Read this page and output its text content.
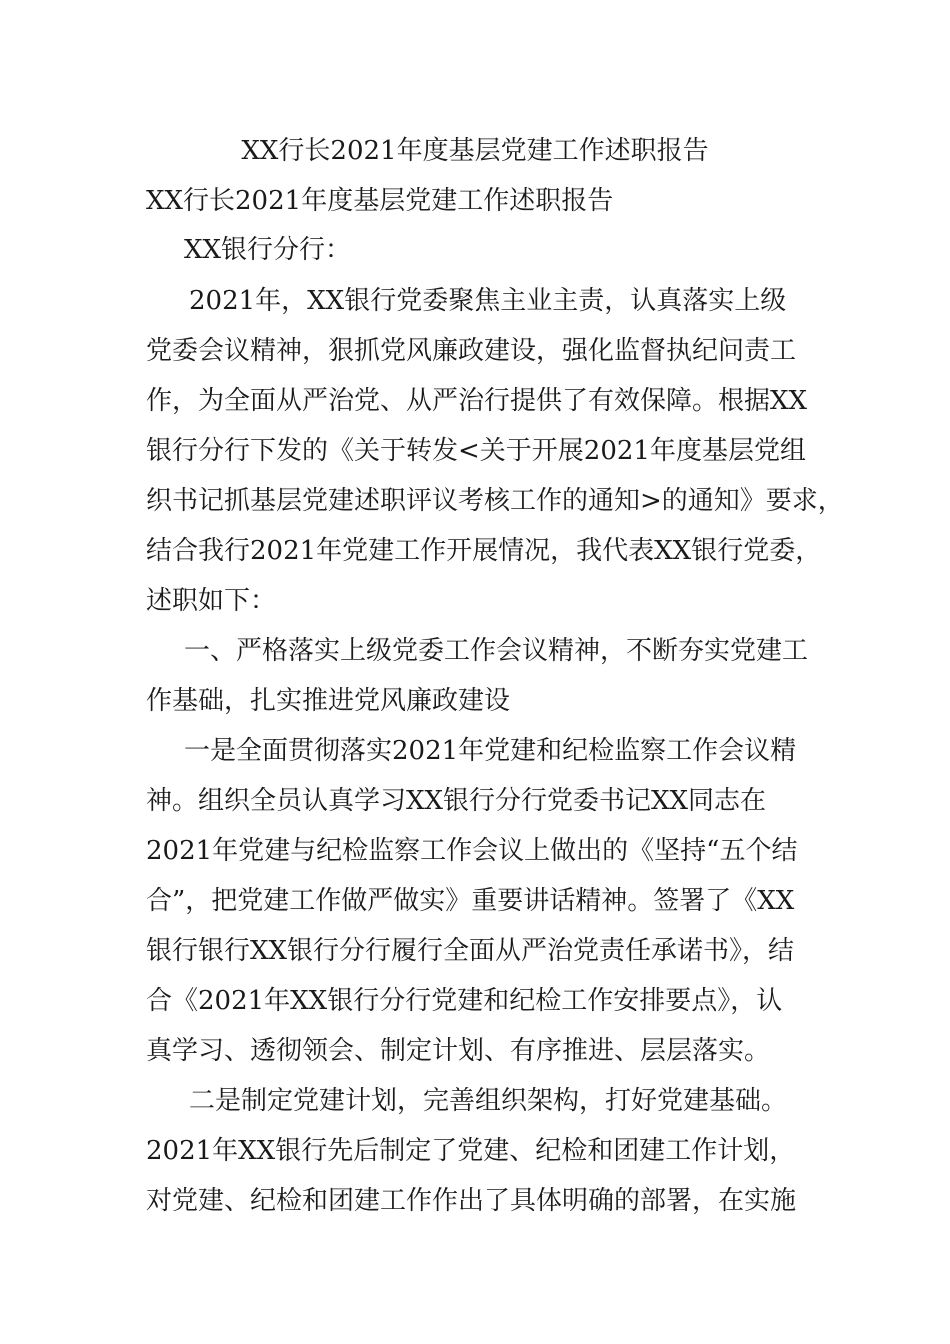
XX行长2021年度基层党建工作述职报告
XX行长2021年度基层党建工作述职报告
XX银行分行：
2021年，XX银行党委聚焦主业主责，认真落实上级
党委会议精神，狠抓党风廉政建设，强化监督执纪问责工
作，为全面从严治党、从严治行提供了有效保障。根据XX
银行分行下发的《关于转发<关于开展2021年度基层党组
织书记抓基层党建述职评议考核工作的通知>的通知》要求，
结合我行2021年党建工作开展情况，我代表XX银行党委，
述职如下：
一、严格落实上级党委工作会议精神，不断夯实党建工
作基础，扎实推进党风廉政建设
一是全面贯彻落实2021年党建和纪检监察工作会议精
神。组织全员认真学习XX银行分行党委书记XX同志在
2021年党建与纪检监察工作会议上做出的《坚持“五个结
合”，把党建工作做严做实》重要讲话精神。签署了《XX
银行银行XX银行分行履行全面从严治党责任承诺书》，结
合《2021年XX银行分行党建和纪检工作安排要点》，认
真学习、透彻领会、制定计划、有序推进、层层落实。
二是制定党建计划，完善组织架构，打好党建基础。
2021年XX银行先后制定了党建、纪检和团建工作计划，
对党建、纪检和团建工作作出了具体明确的部署，在实施
